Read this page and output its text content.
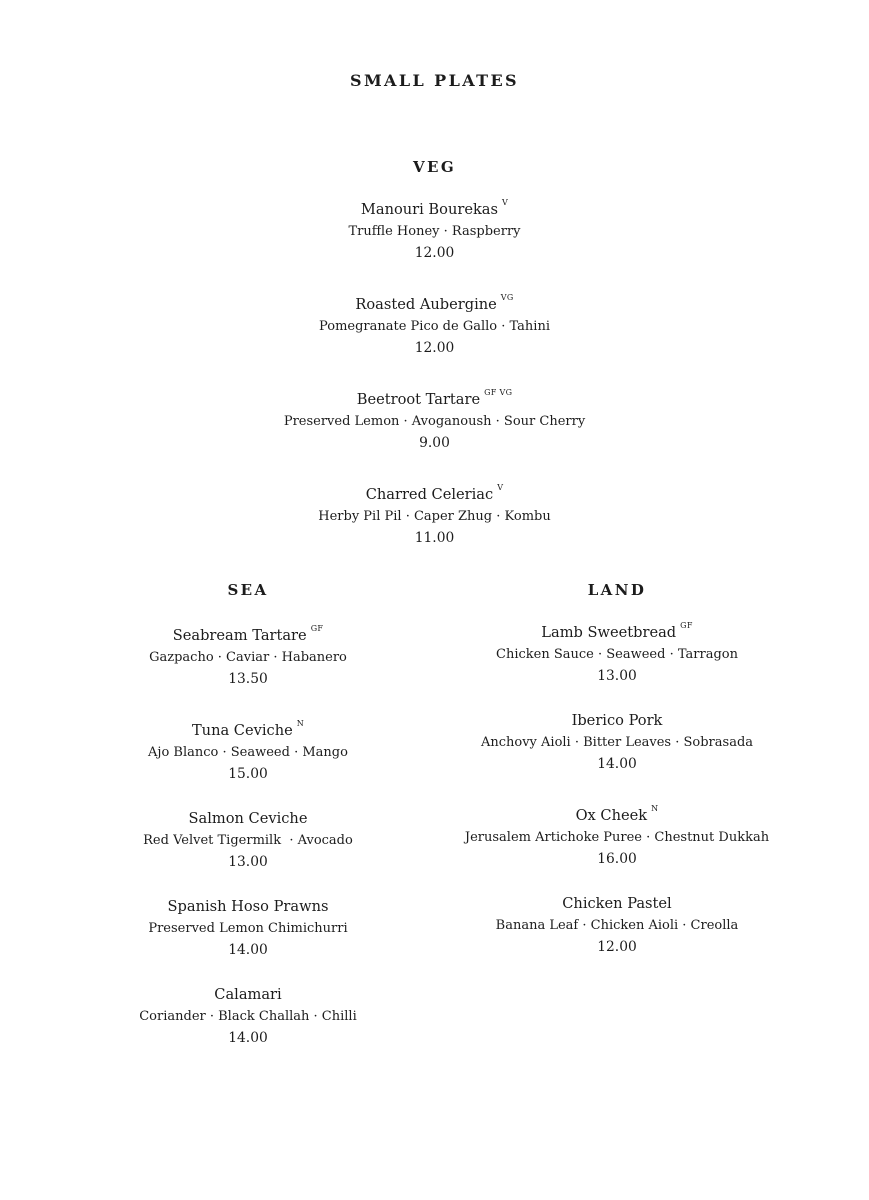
SMALL PLATES
VEG
Manouri Bourekas $^V$
Truffle Honey · Raspberry
12.00
Roasted Aubergine $^{VG}$
Pomegranate Pico de Gallo · Tahini
12.00
Beetroot Tartare $^{GF VG}$
Preserved Lemon · Avoganoush · Sour Cherry
9.00
Charred Celeriac $^V$
Herby Pil Pil · Caper Zhug · Kombu
11.00
SEA
Seabream Tartare $^{GF}$
Gazpacho · Caviar · Habanero
13.50
Tuna Ceviche $^N$
Ajo Blanco · Seaweed · Mango
15.00
Salmon Ceviche
Red Velvet Tigermilk  · Avocado
13.00
Spanish Hoso Prawns
Preserved Lemon Chimichurri
14.00
Calamari
Coriander · Black Challah · Chilli
14.00
LAND
Lamb Sweetbread $^{GF}$
Chicken Sauce · Seaweed · Tarragon
13.00
Iberico Pork
Anchovy Aioli · Bitter Leaves · Sobrasada
14.00
Ox Cheek $^N$
Jerusalem Artichoke Puree · Chestnut Dukkah
16.00
Chicken Pastel
Banana Leaf · Chicken Aioli · Creolla
12.00
